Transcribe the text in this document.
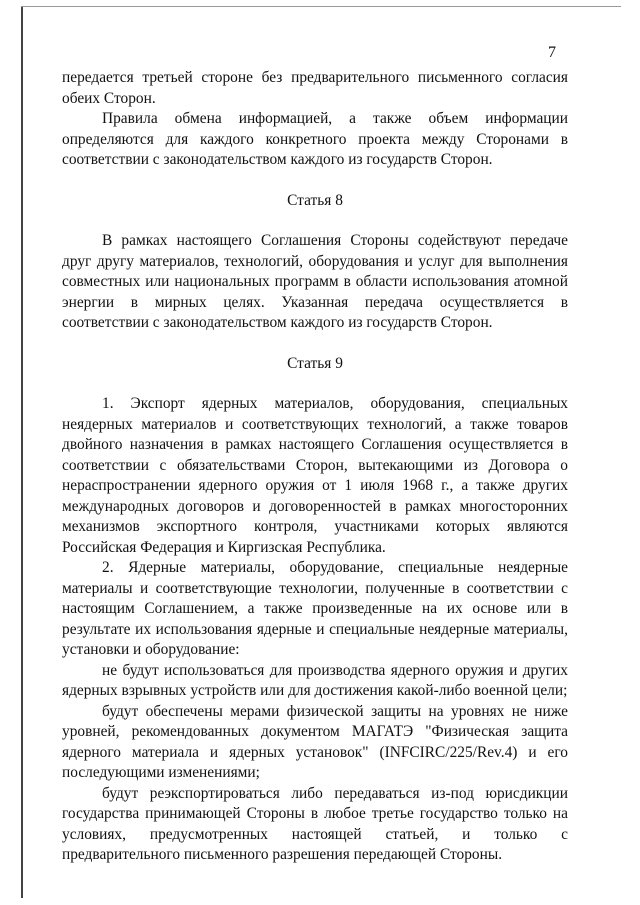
7

передается третьей стороне без предварительного письменного согласия обеих Сторон.

Правила обмена информацией, а также объем информации определяются для каждого конкретного проекта между Сторонами в соответствии с законодательством каждого из государств Сторон.

Статья 8

В рамках настоящего Соглашения Стороны содействуют передаче друг другу материалов, технологий, оборудования и услуг для выполнения совместных или национальных программ в области использования атомной энергии в мирных целях. Указанная передача осуществляется в соответствии с законодательством каждого из государств Сторон.

Статья 9

1. Экспорт ядерных материалов, оборудования, специальных неядерных материалов и соответствующих технологий, а также товаров двойного назначения в рамках настоящего Соглашения осуществляется в соответствии с обязательствами Сторон, вытекающими из Договора о нераспространении ядерного оружия от 1 июля 1968 г., а также других международных договоров и договоренностей в рамках многосторонних механизмов экспортного контроля, участниками которых являются Российская Федерация и Киргизская Республика.

2. Ядерные материалы, оборудование, специальные неядерные материалы и соответствующие технологии, полученные в соответствии с настоящим Соглашением, а также произведенные на их основе или в результате их использования ядерные и специальные неядерные материалы, установки и оборудование:

не будут использоваться для производства ядерного оружия и других ядерных взрывных устройств или для достижения какой-либо военной цели;

будут обеспечены мерами физической защиты на уровнях не ниже уровней, рекомендованных документом МАГАТЭ "Физическая защита ядерного материала и ядерных установок" (INFCIRC/225/Rev.4) и его последующими изменениями;

будут реэкспортироваться либо передаваться из-под юрисдикции государства принимающей Стороны в любое третье государство только на условиях, предусмотренных настоящей статьей, и только с предварительного письменного разрешения передающей Стороны.
